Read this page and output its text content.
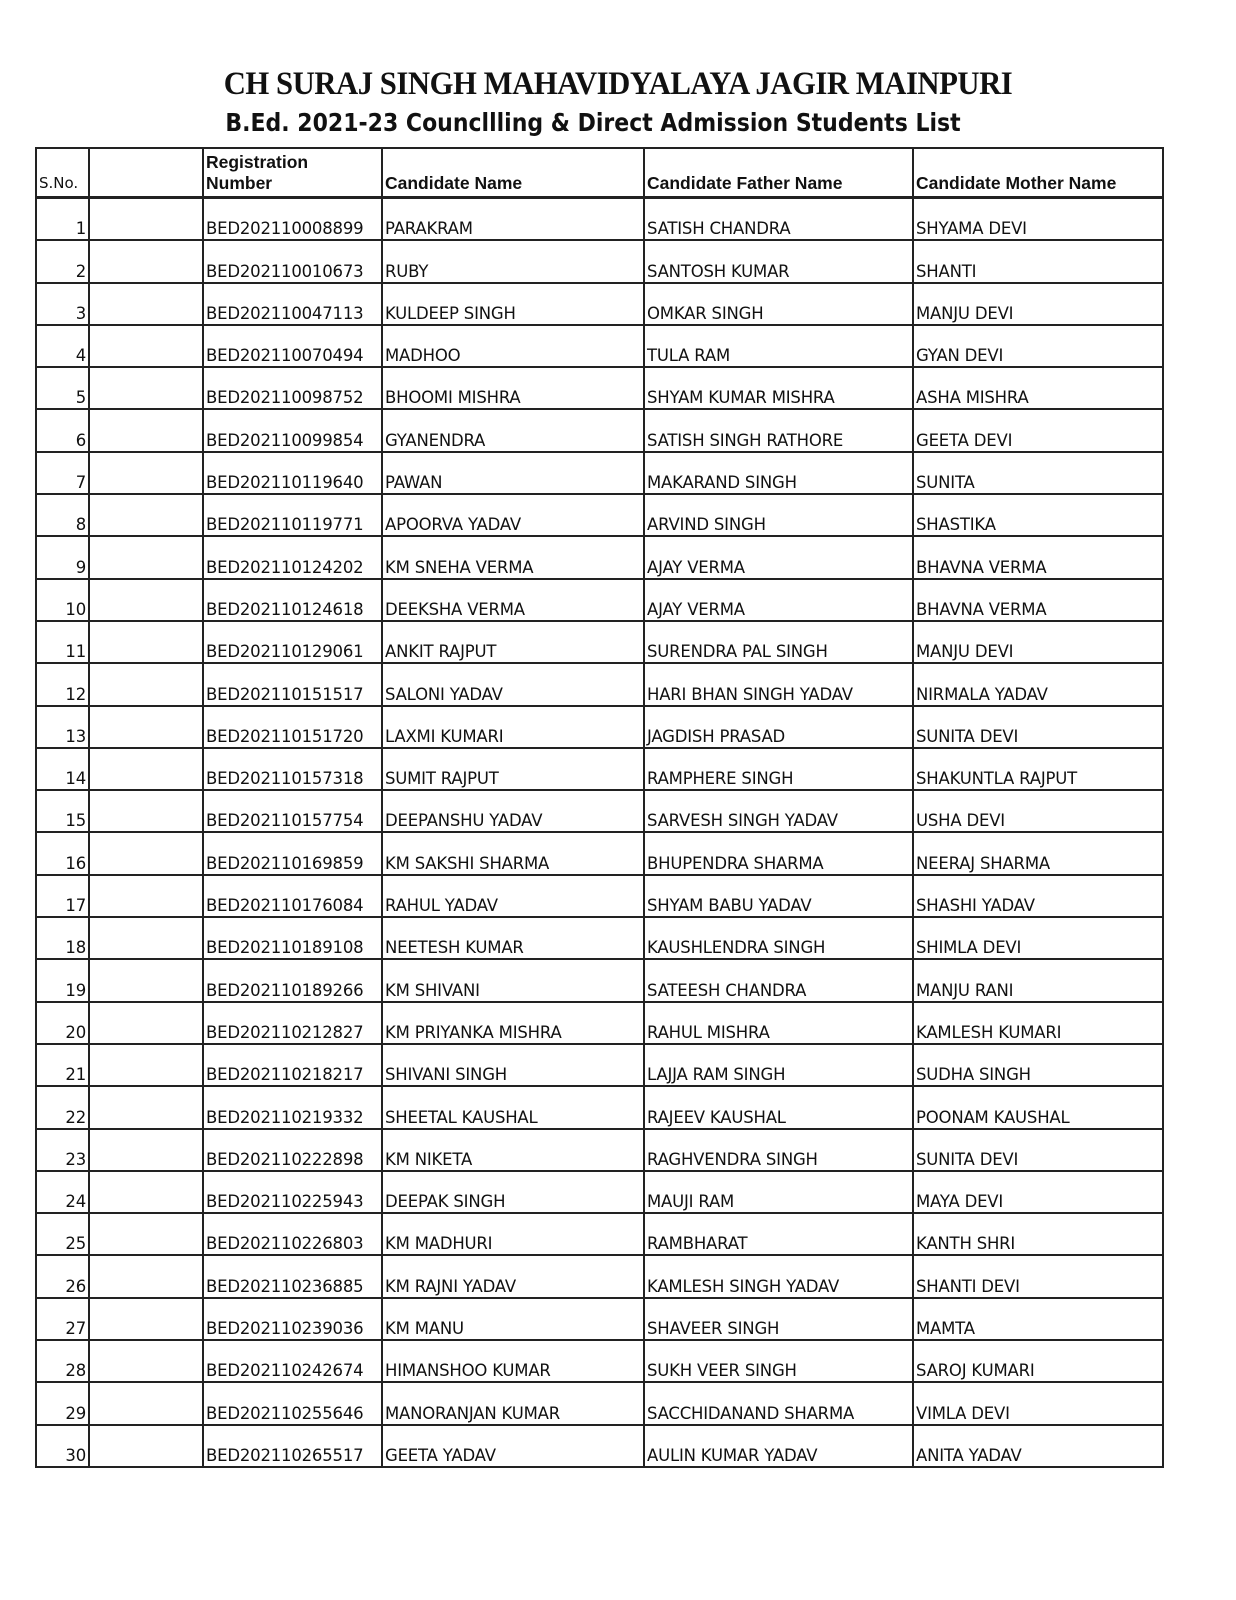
CH SURAJ SINGH MAHAVIDYALAYA JAGIR MAINPURI
B.Ed. 2021-23 Councllling & Direct Admission Students List
S.No.		Registration
Number	Candidate Name	Candidate Father Name	Candidate Mother Name
1		BED202110008899	PARAKRAM	SATISH CHANDRA	SHYAMA DEVI
2		BED202110010673	RUBY	SANTOSH KUMAR	SHANTI
3		BED202110047113	KULDEEP SINGH	OMKAR SINGH	MANJU DEVI
4		BED202110070494	MADHOO	TULA RAM	GYAN DEVI
5		BED202110098752	BHOOMI MISHRA	SHYAM KUMAR MISHRA	ASHA MISHRA
6		BED202110099854	GYANENDRA	SATISH SINGH RATHORE	GEETA DEVI
7		BED202110119640	PAWAN	MAKARAND SINGH	SUNITA
8		BED202110119771	APOORVA YADAV	ARVIND SINGH	SHASTIKA
9		BED202110124202	KM SNEHA VERMA	AJAY VERMA	BHAVNA VERMA
10		BED202110124618	DEEKSHA VERMA	AJAY VERMA	BHAVNA VERMA
11		BED202110129061	ANKIT RAJPUT	SURENDRA PAL SINGH	MANJU DEVI
12		BED202110151517	SALONI YADAV	HARI BHAN SINGH YADAV	NIRMALA YADAV
13		BED202110151720	LAXMI KUMARI	JAGDISH PRASAD	SUNITA DEVI
14		BED202110157318	SUMIT RAJPUT	RAMPHERE SINGH	SHAKUNTLA RAJPUT
15		BED202110157754	DEEPANSHU YADAV	SARVESH SINGH YADAV	USHA DEVI
16		BED202110169859	KM SAKSHI SHARMA	BHUPENDRA SHARMA	NEERAJ SHARMA
17		BED202110176084	RAHUL YADAV	SHYAM BABU YADAV	SHASHI YADAV
18		BED202110189108	NEETESH KUMAR	KAUSHLENDRA SINGH	SHIMLA DEVI
19		BED202110189266	KM SHIVANI	SATEESH CHANDRA	MANJU RANI
20		BED202110212827	KM PRIYANKA MISHRA	RAHUL MISHRA	KAMLESH KUMARI
21		BED202110218217	SHIVANI SINGH	LAJJA RAM SINGH	SUDHA SINGH
22		BED202110219332	SHEETAL KAUSHAL	RAJEEV KAUSHAL	POONAM KAUSHAL
23		BED202110222898	KM NIKETA	RAGHVENDRA SINGH	SUNITA DEVI
24		BED202110225943	DEEPAK SINGH	MAUJI RAM	MAYA DEVI
25		BED202110226803	KM MADHURI	RAMBHARAT	KANTH SHRI
26		BED202110236885	KM RAJNI YADAV	KAMLESH SINGH YADAV	SHANTI DEVI
27		BED202110239036	KM MANU	SHAVEER SINGH	MAMTA
28		BED202110242674	HIMANSHOO KUMAR	SUKH VEER SINGH	SAROJ KUMARI
29		BED202110255646	MANORANJAN KUMAR	SACCHIDANAND SHARMA	VIMLA DEVI
30		BED202110265517	GEETA YADAV	AULIN KUMAR YADAV	ANITA YADAV
